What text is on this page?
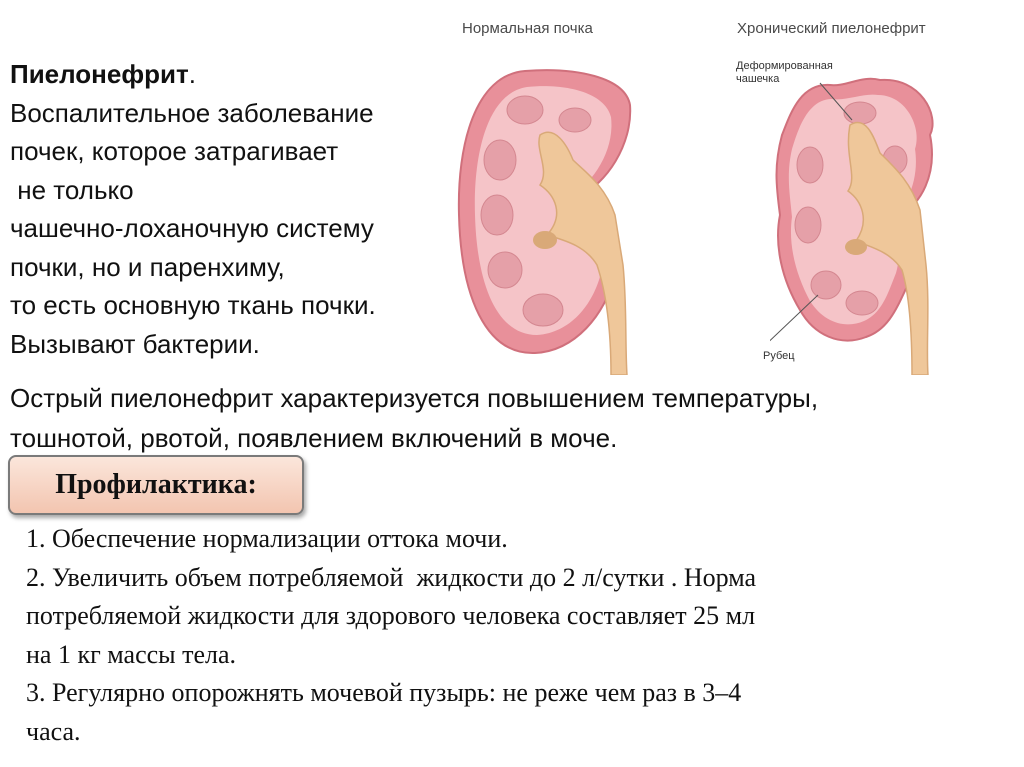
Пиелонефрит.
Воспалительное заболевание
почек, которое затрагивает
не только
чашечно-лоханочную систему
почки, но и паренхиму,
то есть основную ткань почки.
Вызывают бактерии.
Нормальная почка	Хронический пиелонефрит
Деформированная
чашечка
Рубец
Острый пиелонефрит характеризуется повышением температуры,
тошнотой, рвотой, появлением включений в моче.
Профилактика:
1. Обеспечение нормализации оттока мочи.
2. Увеличить объем потребляемой  жидкости до 2 л/сутки . Норма
потребляемой жидкости для здорового человека составляет 25 мл
на 1 кг массы тела.
3. Регулярно опорожнять мочевой пузырь: не реже чем раз в 3–4
часа.
